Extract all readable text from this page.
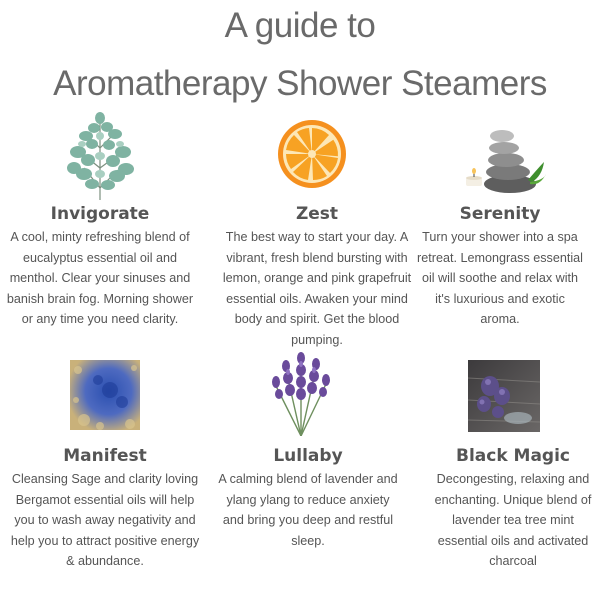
A guide to
Aromatherapy Shower Steamers
Invigorate

A cool, minty refreshing blend of eucalyptus essential oil and menthol. Clear your sinuses and banish brain fog. Morning shower or any time you need clarity.

Zest

The best way to start your day. A vibrant, fresh blend bursting with lemon, orange and pink grapefruit essential oils. Awaken your mind body and spirit. Get the blood pumping.

Serenity

Turn your shower into a spa retreat. Lemongrass essential oil will soothe and relax with it's luxurious and exotic aroma.

Manifest

Cleansing Sage and clarity loving Bergamot essential oils will help you to wash away negativity and help you to attract positive energy & abundance.

Lullaby

A calming blend of lavender and ylang ylang to reduce anxiety and bring you deep and restful sleep.

Black Magic

Decongesting, relaxing and enchanting. Unique blend of lavender tea tree mint essential oils and activated charcoal
